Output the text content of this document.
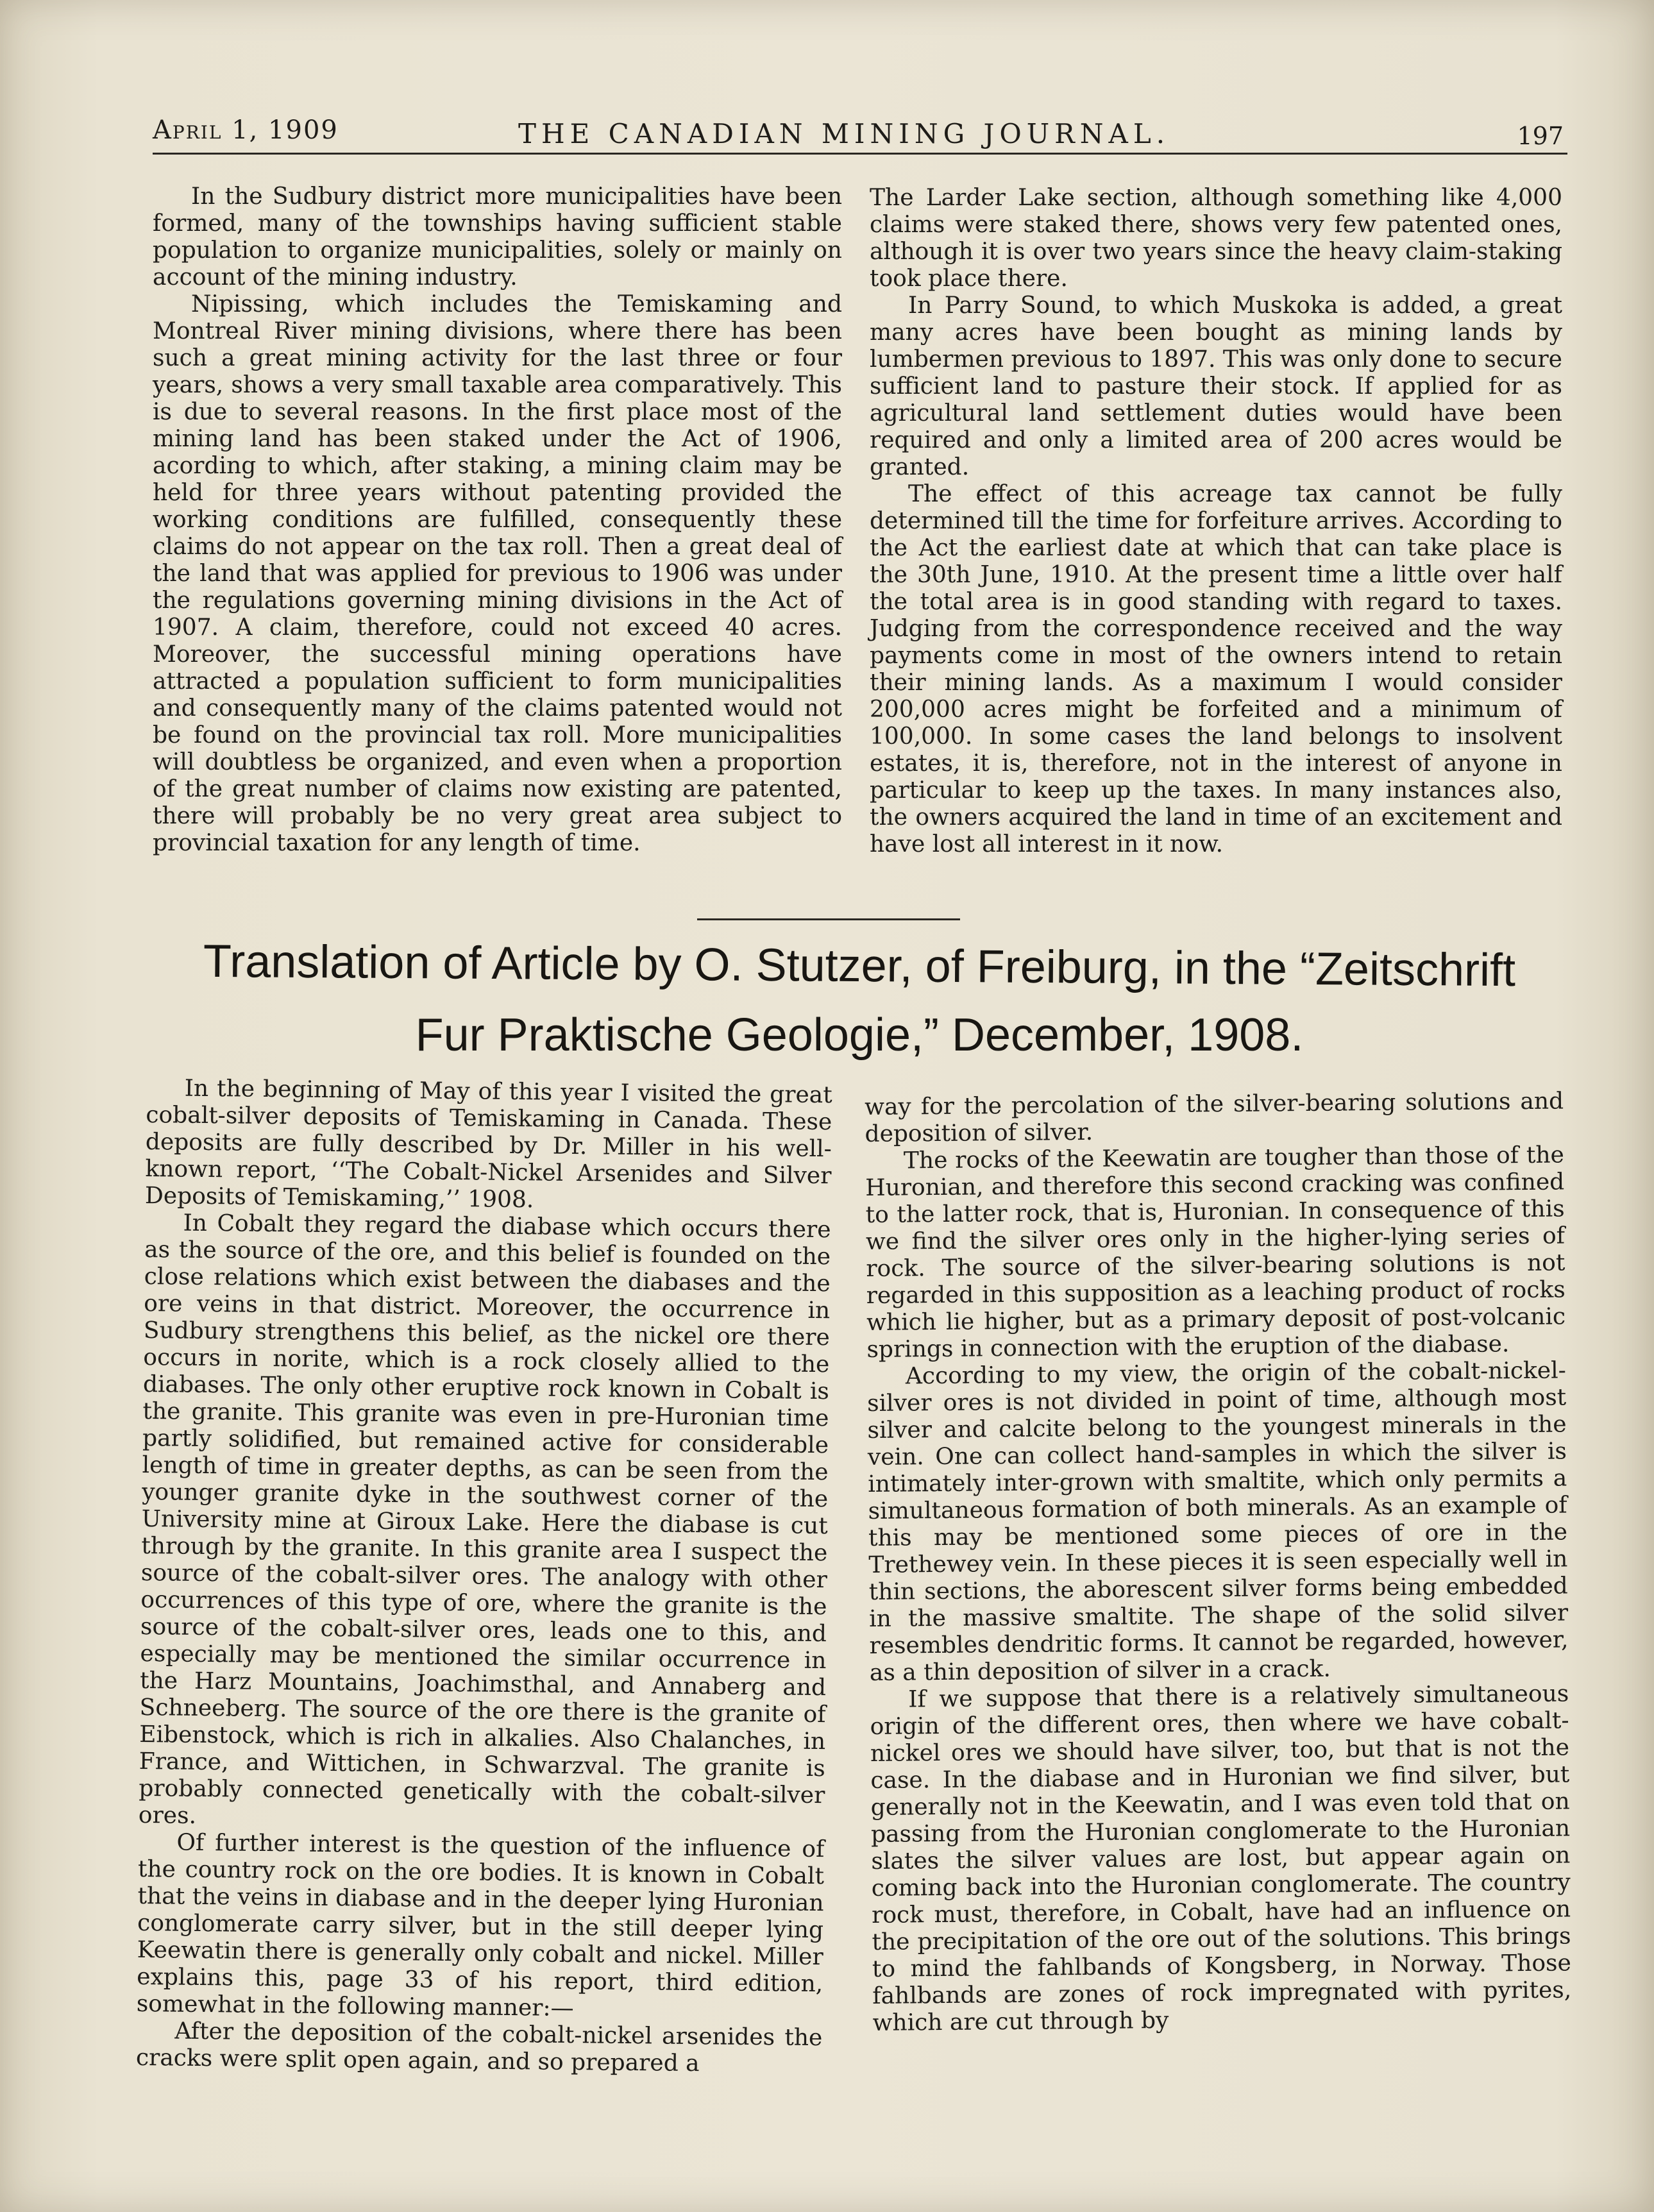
April 1, 1909	THE CANADIAN MINING JOURNAL.	197

In the Sudbury district more municipalities have been formed, many of the townships having sufficient stable population to organize municipalities, solely or mainly on account of the mining industry.

Nipissing, which includes the Temiskaming and Montreal River mining divisions, where there has been such a great mining activity for the last three or four years, shows a very small taxable area comparatively. This is due to several reasons. In the first place most of the mining land has been staked under the Act of 1906, acording to which, after staking, a mining claim may be held for three years without patenting provided the working conditions are fulfilled, consequently these claims do not appear on the tax roll. Then a great deal of the land that was applied for previous to 1906 was under the regulations governing mining divisions in the Act of 1907. A claim, therefore, could not exceed 40 acres. Moreover, the successful mining operations have attracted a population sufficient to form municipalities and consequently many of the claims patented would not be found on the provincial tax roll. More municipalities will doubtless be organized, and even when a proportion of the great number of claims now existing are patented, there will probably be no very great area subject to provincial taxation for any length of time.

The Larder Lake section, although something like 4,000 claims were staked there, shows very few patented ones, although it is over two years since the heavy claim-staking took place there.

In Parry Sound, to which Muskoka is added, a great many acres have been bought as mining lands by lumbermen previous to 1897. This was only done to secure sufficient land to pasture their stock. If applied for as agricultural land settlement duties would have been required and only a limited area of 200 acres would be granted.

The effect of this acreage tax cannot be fully determined till the time for forfeiture arrives. According to the Act the earliest date at which that can take place is the 30th June, 1910. At the present time a little over half the total area is in good standing with regard to taxes. Judging from the correspondence received and the way payments come in most of the owners intend to retain their mining lands. As a maximum I would consider 200,000 acres might be forfeited and a minimum of 100,000. In some cases the land belongs to insolvent estates, it is, therefore, not in the interest of anyone in particular to keep up the taxes. In many instances also, the owners acquired the land in time of an excitement and have lost all interest in it now.

Translation of Article by O. Stutzer, of Freiburg, in the “Zeitschrift
Fur Praktische Geologie,” December, 1908.

In the beginning of May of this year I visited the great cobalt-silver deposits of Temiskaming in Canada. These deposits are fully described by Dr. Miller in his well-known report, ‘‘The Cobalt-Nickel Arsenides and Silver Deposits of Temiskaming,’’ 1908.

In Cobalt they regard the diabase which occurs there as the source of the ore, and this belief is founded on the close relations which exist between the diabases and the ore veins in that district. Moreover, the occurrence in Sudbury strengthens this belief, as the nickel ore there occurs in norite, which is a rock closely allied to the diabases. The only other eruptive rock known in Cobalt is the granite. This granite was even in pre-Huronian time partly solidified, but remained active for considerable length of time in greater depths, as can be seen from the younger granite dyke in the southwest corner of the University mine at Giroux Lake. Here the diabase is cut through by the granite. In this granite area I suspect the source of the cobalt-silver ores. The analogy with other occurrences of this type of ore, where the granite is the source of the cobalt-silver ores, leads one to this, and especially may be mentioned the similar occurrence in the Harz Mountains, Joachimsthal, and Annaberg and Schneeberg. The source of the ore there is the granite of Eibenstock, which is rich in alkalies. Also Chalanches, in France, and Wittichen, in Schwarzval. The granite is probably connected genetically with the cobalt-silver ores.

Of further interest is the question of the influence of the country rock on the ore bodies. It is known in Cobalt that the veins in diabase and in the deeper lying Huronian conglomerate carry silver, but in the still deeper lying Keewatin there is generally only cobalt and nickel. Miller explains this, page 33 of his report, third edition, somewhat in the following manner:—

After the deposition of the cobalt-nickel arsenides the cracks were split open again, and so prepared a

way for the percolation of the silver-bearing solutions and deposition of silver.

The rocks of the Keewatin are tougher than those of the Huronian, and therefore this second cracking was confined to the latter rock, that is, Huronian. In consequence of this we find the silver ores only in the higher-lying series of rock. The source of the silver-bearing solutions is not regarded in this supposition as a leaching product of rocks which lie higher, but as a primary deposit of post-volcanic springs in connection with the eruption of the diabase.

According to my view, the origin of the cobalt-nickel-silver ores is not divided in point of time, although most silver and calcite belong to the youngest minerals in the vein. One can collect hand-samples in which the silver is intimately inter-grown with smaltite, which only permits a simultaneous formation of both minerals. As an example of this may be mentioned some pieces of ore in the Trethewey vein. In these pieces it is seen especially well in thin sections, the aborescent silver forms being embedded in the massive smaltite. The shape of the solid silver resembles dendritic forms. It cannot be regarded, however, as a thin deposition of silver in a crack.

If we suppose that there is a relatively simultaneous origin of the different ores, then where we have cobalt-nickel ores we should have silver, too, but that is not the case. In the diabase and in Huronian we find silver, but generally not in the Keewatin, and I was even told that on passing from the Huronian conglomerate to the Huronian slates the silver values are lost, but appear again on coming back into the Huronian conglomerate. The country rock must, therefore, in Cobalt, have had an influence on the precipitation of the ore out of the solutions. This brings to mind the fahlbands of Kongsberg, in Norway. Those fahlbands are zones of rock impregnated with pyrites, which are cut through by
